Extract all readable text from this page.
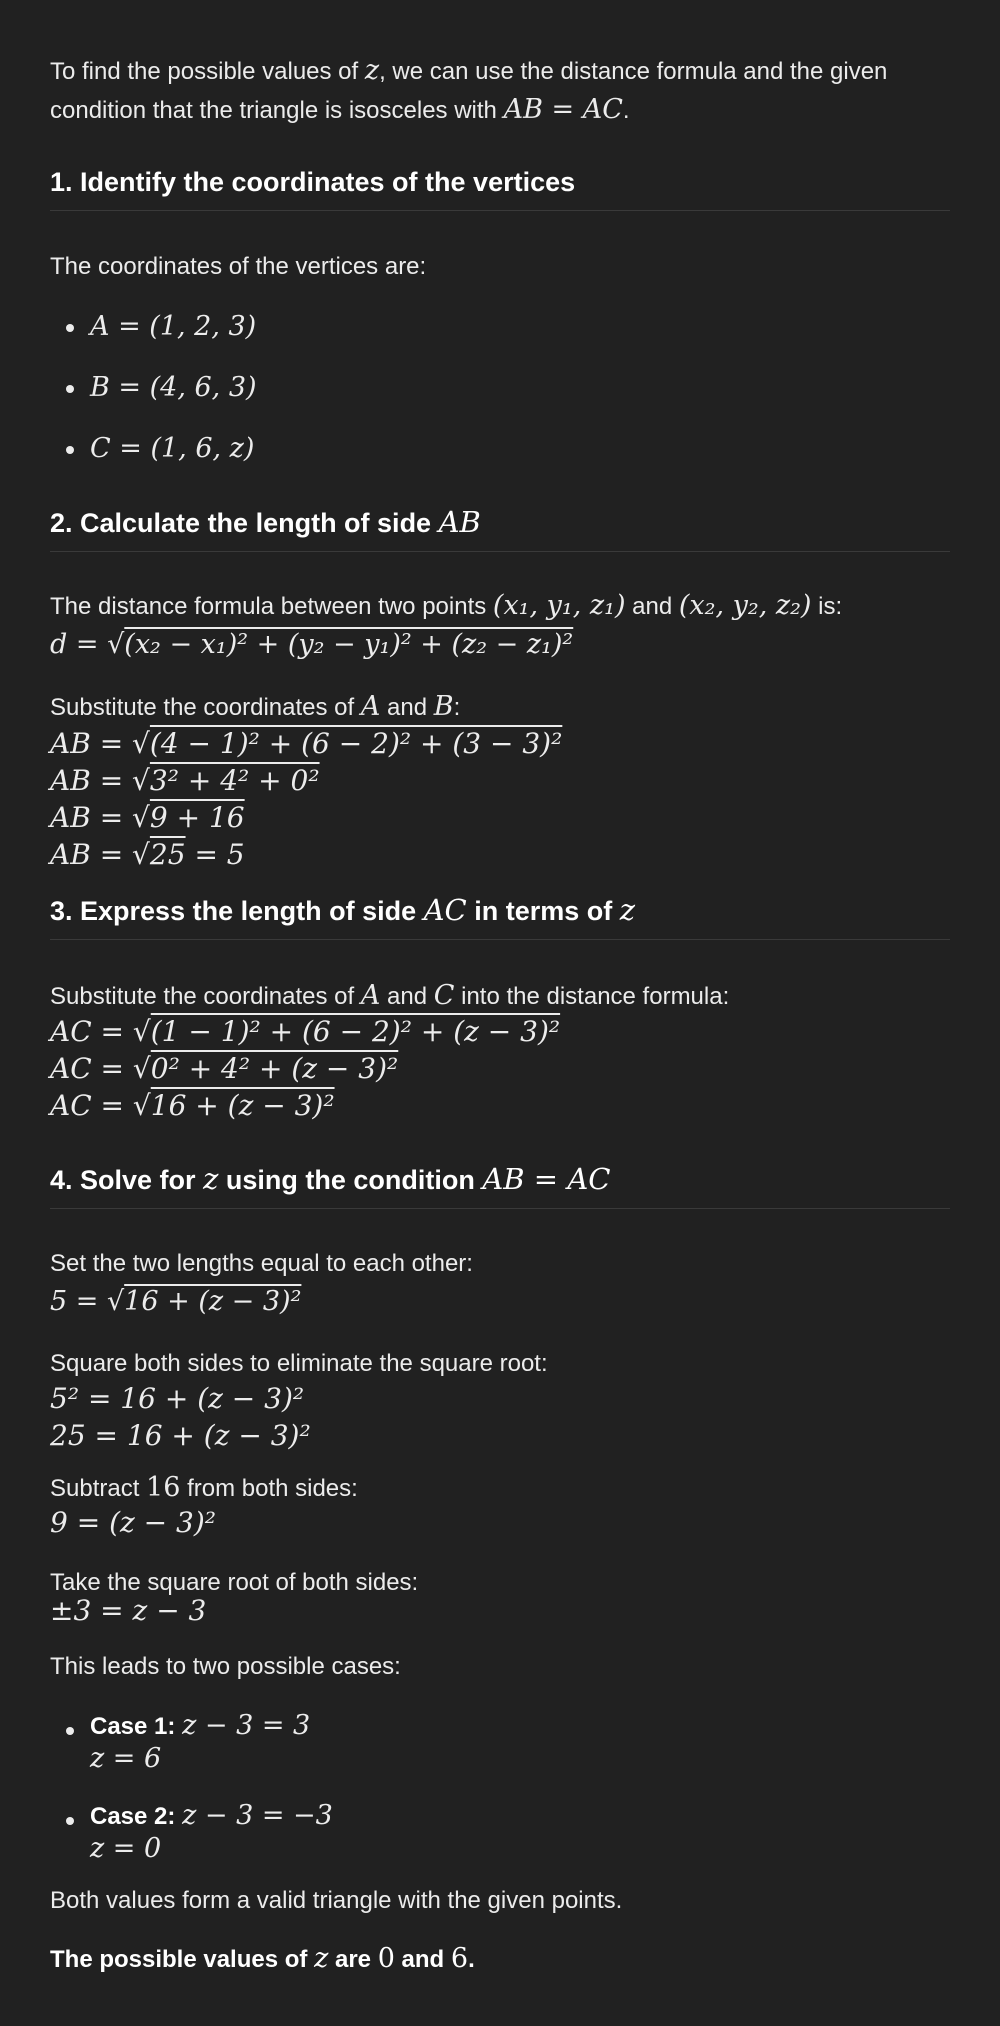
To find the possible values of z, we can use the distance formula and the given
condition that the triangle is isosceles with AB = AC.
1. Identify the coordinates of the vertices
The coordinates of the vertices are:
A = (1, 2, 3)
B = (4, 6, 3)
C = (1, 6, z)
2. Calculate the length of side AB
The distance formula between two points (x₁, y₁, z₁) and (x₂, y₂, z₂) is:
d = √(x₂ − x₁)² + (y₂ − y₁)² + (z₂ − z₁)²
Substitute the coordinates of A and B:
AB = √(4 − 1)² + (6 − 2)² + (3 − 3)²
AB = √3² + 4² + 0²
AB = √9 + 16
AB = √25 = 5
3. Express the length of side AC in terms of z
Substitute the coordinates of A and C into the distance formula:
AC = √(1 − 1)² + (6 − 2)² + (z − 3)²
AC = √0² + 4² + (z − 3)²
AC = √16 + (z − 3)²
4. Solve for z using the condition AB = AC
Set the two lengths equal to each other:
5 = √16 + (z − 3)²
Square both sides to eliminate the square root:
5² = 16 + (z − 3)²
25 = 16 + (z − 3)²
Subtract 16 from both sides:
9 = (z − 3)²
Take the square root of both sides:
±3 = z − 3
This leads to two possible cases:
Case 1: z − 3 = 3
z = 6
Case 2: z − 3 = −3
z = 0
Both values form a valid triangle with the given points.
The possible values of z are 0 and 6.
